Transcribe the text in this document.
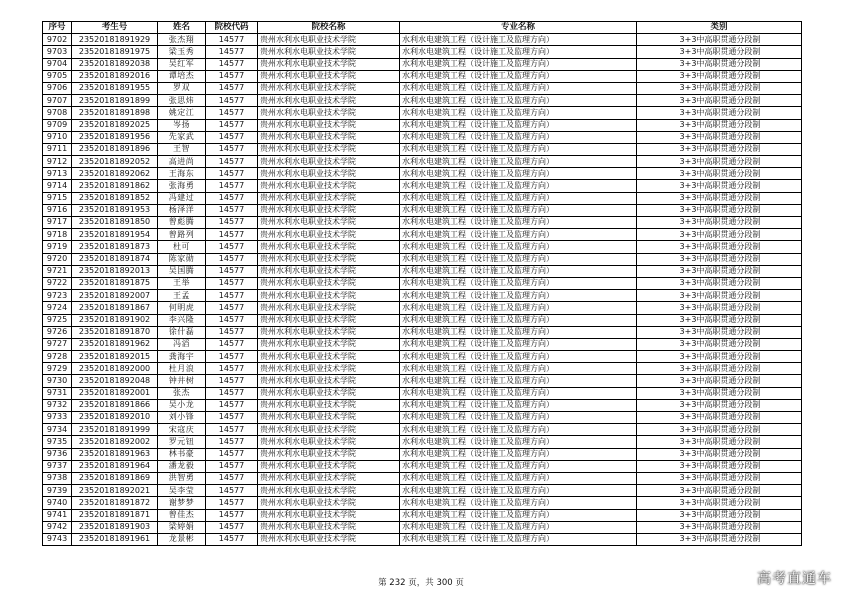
序号	考生号	姓名	院校代码	院校名称	专业名称	类别
9702	23520181891929	张杰翔	14577	贵州水利水电职业技术学院	水利水电建筑工程（设计施工及监理方向）	3+3中高职贯通分段制
9703	23520181891975	梁玉秀	14577	贵州水利水电职业技术学院	水利水电建筑工程（设计施工及监理方向）	3+3中高职贯通分段制
9704	23520181892038	吴红军	14577	贵州水利水电职业技术学院	水利水电建筑工程（设计施工及监理方向）	3+3中高职贯通分段制
9705	23520181892016	谭培杰	14577	贵州水利水电职业技术学院	水利水电建筑工程（设计施工及监理方向）	3+3中高职贯通分段制
9706	23520181891955	罗双	14577	贵州水利水电职业技术学院	水利水电建筑工程（设计施工及监理方向）	3+3中高职贯通分段制
9707	23520181891899	张思炜	14577	贵州水利水电职业技术学院	水利水电建筑工程（设计施工及监理方向）	3+3中高职贯通分段制
9708	23520181891898	姚定江	14577	贵州水利水电职业技术学院	水利水电建筑工程（设计施工及监理方向）	3+3中高职贯通分段制
9709	23520181892025	岑扬	14577	贵州水利水电职业技术学院	水利水电建筑工程（设计施工及监理方向）	3+3中高职贯通分段制
9710	23520181891956	先家武	14577	贵州水利水电职业技术学院	水利水电建筑工程（设计施工及监理方向）	3+3中高职贯通分段制
9711	23520181891896	王智	14577	贵州水利水电职业技术学院	水利水电建筑工程（设计施工及监理方向）	3+3中高职贯通分段制
9712	23520181892052	高进尚	14577	贵州水利水电职业技术学院	水利水电建筑工程（设计施工及监理方向）	3+3中高职贯通分段制
9713	23520181892062	王海东	14577	贵州水利水电职业技术学院	水利水电建筑工程（设计施工及监理方向）	3+3中高职贯通分段制
9714	23520181891862	张海勇	14577	贵州水利水电职业技术学院	水利水电建筑工程（设计施工及监理方向）	3+3中高职贯通分段制
9715	23520181891852	冯建过	14577	贵州水利水电职业技术学院	水利水电建筑工程（设计施工及监理方向）	3+3中高职贯通分段制
9716	23520181891953	杨泽洋	14577	贵州水利水电职业技术学院	水利水电建筑工程（设计施工及监理方向）	3+3中高职贯通分段制
9717	23520181891850	曾彪腾	14577	贵州水利水电职业技术学院	水利水电建筑工程（设计施工及监理方向）	3+3中高职贯通分段制
9718	23520181891954	曾路列	14577	贵州水利水电职业技术学院	水利水电建筑工程（设计施工及监理方向）	3+3中高职贯通分段制
9719	23520181891873	杜可	14577	贵州水利水电职业技术学院	水利水电建筑工程（设计施工及监理方向）	3+3中高职贯通分段制
9720	23520181891874	陈家勋	14577	贵州水利水电职业技术学院	水利水电建筑工程（设计施工及监理方向）	3+3中高职贯通分段制
9721	23520181892013	吴国腾	14577	贵州水利水电职业技术学院	水利水电建筑工程（设计施工及监理方向）	3+3中高职贯通分段制
9722	23520181891875	王举	14577	贵州水利水电职业技术学院	水利水电建筑工程（设计施工及监理方向）	3+3中高职贯通分段制
9723	23520181892007	王孟	14577	贵州水利水电职业技术学院	水利水电建筑工程（设计施工及监理方向）	3+3中高职贯通分段制
9724	23520181891867	何明虎	14577	贵州水利水电职业技术学院	水利水电建筑工程（设计施工及监理方向）	3+3中高职贯通分段制
9725	23520181891902	李兴隆	14577	贵州水利水电职业技术学院	水利水电建筑工程（设计施工及监理方向）	3+3中高职贯通分段制
9726	23520181891870	徐什磊	14577	贵州水利水电职业技术学院	水利水电建筑工程（设计施工及监理方向）	3+3中高职贯通分段制
9727	23520181891962	冯滔	14577	贵州水利水电职业技术学院	水利水电建筑工程（设计施工及监理方向）	3+3中高职贯通分段制
9728	23520181892015	龚海宇	14577	贵州水利水电职业技术学院	水利水电建筑工程（设计施工及监理方向）	3+3中高职贯通分段制
9729	23520181892000	杜月浪	14577	贵州水利水电职业技术学院	水利水电建筑工程（设计施工及监理方向）	3+3中高职贯通分段制
9730	23520181892048	钟井树	14577	贵州水利水电职业技术学院	水利水电建筑工程（设计施工及监理方向）	3+3中高职贯通分段制
9731	23520181892001	张杰	14577	贵州水利水电职业技术学院	水利水电建筑工程（设计施工及监理方向）	3+3中高职贯通分段制
9732	23520181891866	吴小龙	14577	贵州水利水电职业技术学院	水利水电建筑工程（设计施工及监理方向）	3+3中高职贯通分段制
9733	23520181892010	刘小锋	14577	贵州水利水电职业技术学院	水利水电建筑工程（设计施工及监理方向）	3+3中高职贯通分段制
9734	23520181891999	宋寇庆	14577	贵州水利水电职业技术学院	水利水电建筑工程（设计施工及监理方向）	3+3中高职贯通分段制
9735	23520181892002	罗元钮	14577	贵州水利水电职业技术学院	水利水电建筑工程（设计施工及监理方向）	3+3中高职贯通分段制
9736	23520181891963	林书豪	14577	贵州水利水电职业技术学院	水利水电建筑工程（设计施工及监理方向）	3+3中高职贯通分段制
9737	23520181891964	潘龙毅	14577	贵州水利水电职业技术学院	水利水电建筑工程（设计施工及监理方向）	3+3中高职贯通分段制
9738	23520181891869	洪智勇	14577	贵州水利水电职业技术学院	水利水电建筑工程（设计施工及监理方向）	3+3中高职贯通分段制
9739	23520181892021	吴李莹	14577	贵州水利水电职业技术学院	水利水电建筑工程（设计施工及监理方向）	3+3中高职贯通分段制
9740	23520181891872	谢梦梦	14577	贵州水利水电职业技术学院	水利水电建筑工程（设计施工及监理方向）	3+3中高职贯通分段制
9741	23520181891871	曾佳杰	14577	贵州水利水电职业技术学院	水利水电建筑工程（设计施工及监理方向）	3+3中高职贯通分段制
9742	23520181891903	梁婷娟	14577	贵州水利水电职业技术学院	水利水电建筑工程（设计施工及监理方向）	3+3中高职贯通分段制
9743	23520181891961	龙景彬	14577	贵州水利水电职业技术学院	水利水电建筑工程（设计施工及监理方向）	3+3中高职贯通分段制

第 232 页，共 300 页	高考直通车
